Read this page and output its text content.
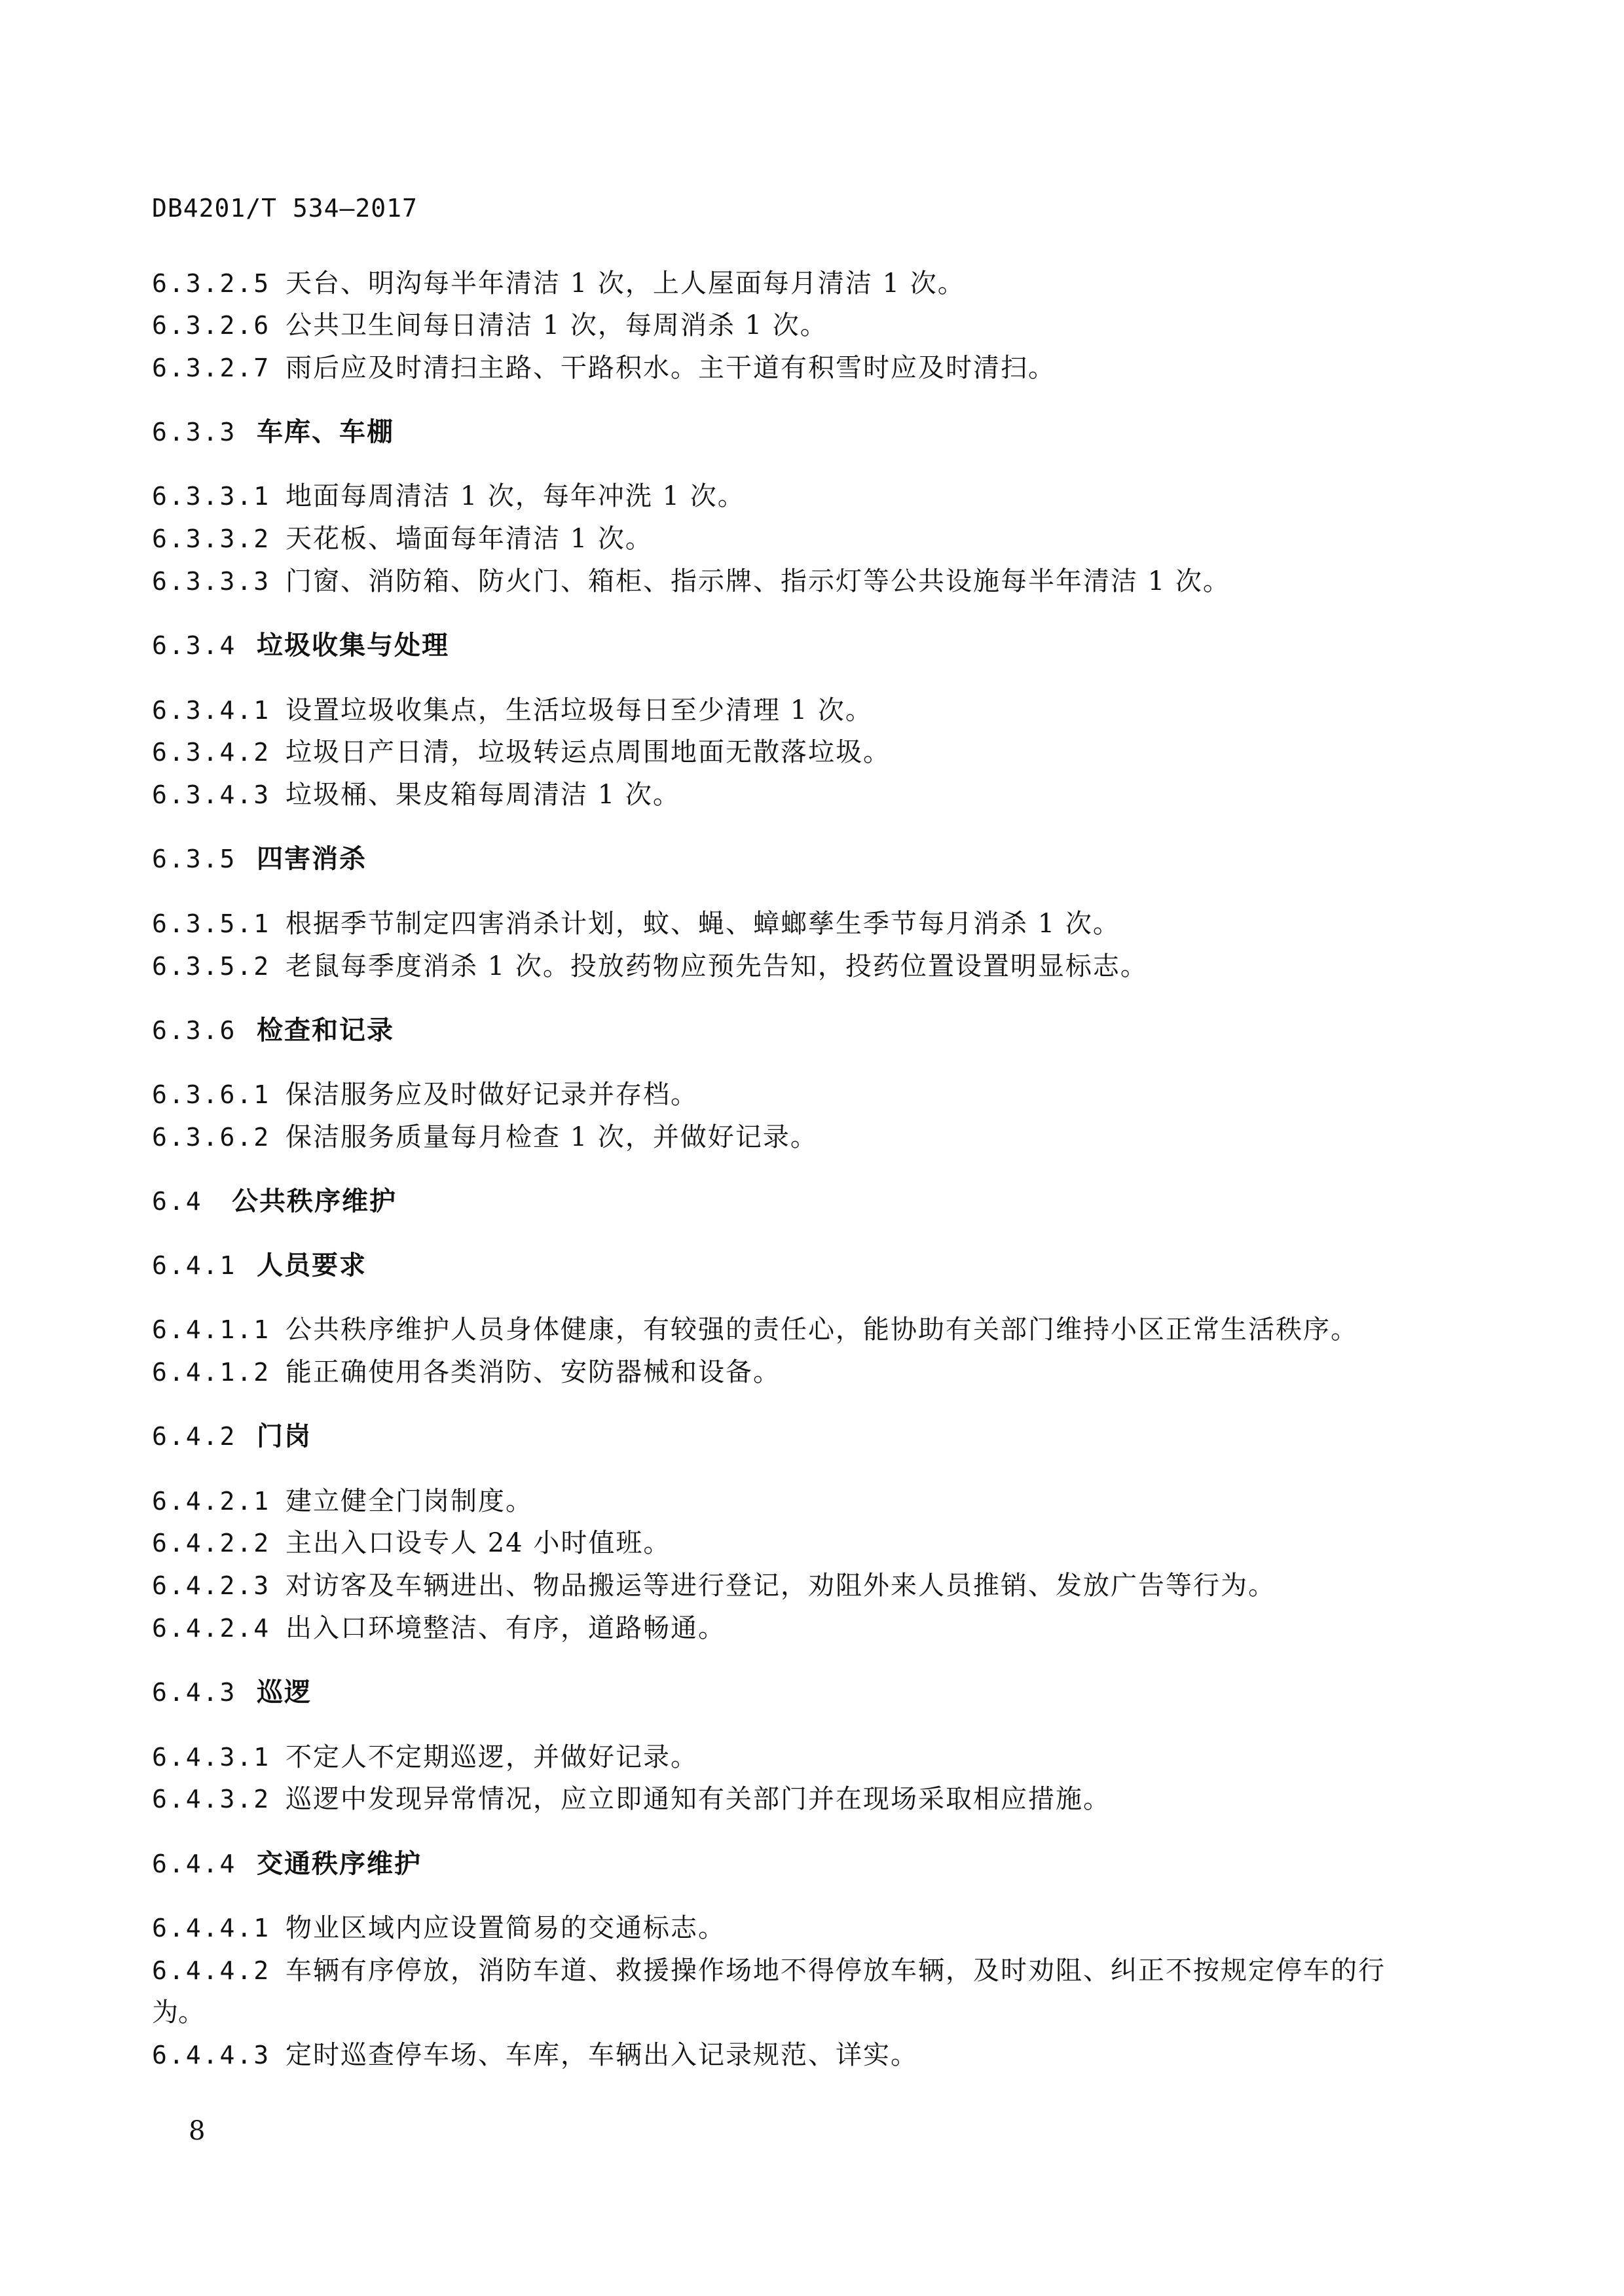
DB4201/T 534—2017
6.3.2.5 天台、明沟每半年清洁 1 次，上人屋面每月清洁 1 次。
6.3.2.6 公共卫生间每日清洁 1 次，每周消杀 1 次。
6.3.2.7 雨后应及时清扫主路、干路积水。主干道有积雪时应及时清扫。
6.3.3 车库、车棚
6.3.3.1 地面每周清洁 1 次，每年冲洗 1 次。
6.3.3.2 天花板、墙面每年清洁 1 次。
6.3.3.3 门窗、消防箱、防火门、箱柜、指示牌、指示灯等公共设施每半年清洁 1 次。
6.3.4 垃圾收集与处理
6.3.4.1 设置垃圾收集点，生活垃圾每日至少清理 1 次。
6.3.4.2 垃圾日产日清，垃圾转运点周围地面无散落垃圾。
6.3.4.3 垃圾桶、果皮箱每周清洁 1 次。
6.3.5 四害消杀
6.3.5.1 根据季节制定四害消杀计划，蚊、蝇、蟑螂孳生季节每月消杀 1 次。
6.3.5.2 老鼠每季度消杀 1 次。投放药物应预先告知，投药位置设置明显标志。
6.3.6 检查和记录
6.3.6.1 保洁服务应及时做好记录并存档。
6.3.6.2 保洁服务质量每月检查 1 次，并做好记录。
6.4 公共秩序维护
6.4.1 人员要求
6.4.1.1 公共秩序维护人员身体健康，有较强的责任心，能协助有关部门维持小区正常生活秩序。
6.4.1.2 能正确使用各类消防、安防器械和设备。
6.4.2 门岗
6.4.2.1 建立健全门岗制度。
6.4.2.2 主出入口设专人 24 小时值班。
6.4.2.3 对访客及车辆进出、物品搬运等进行登记，劝阻外来人员推销、发放广告等行为。
6.4.2.4 出入口环境整洁、有序，道路畅通。
6.4.3 巡逻
6.4.3.1 不定人不定期巡逻，并做好记录。
6.4.3.2 巡逻中发现异常情况，应立即通知有关部门并在现场采取相应措施。
6.4.4 交通秩序维护
6.4.4.1 物业区域内应设置简易的交通标志。
6.4.4.2 车辆有序停放，消防车道、救援操作场地不得停放车辆，及时劝阻、纠正不按规定停车的行
为。
6.4.4.3 定时巡查停车场、车库，车辆出入记录规范、详实。
8
